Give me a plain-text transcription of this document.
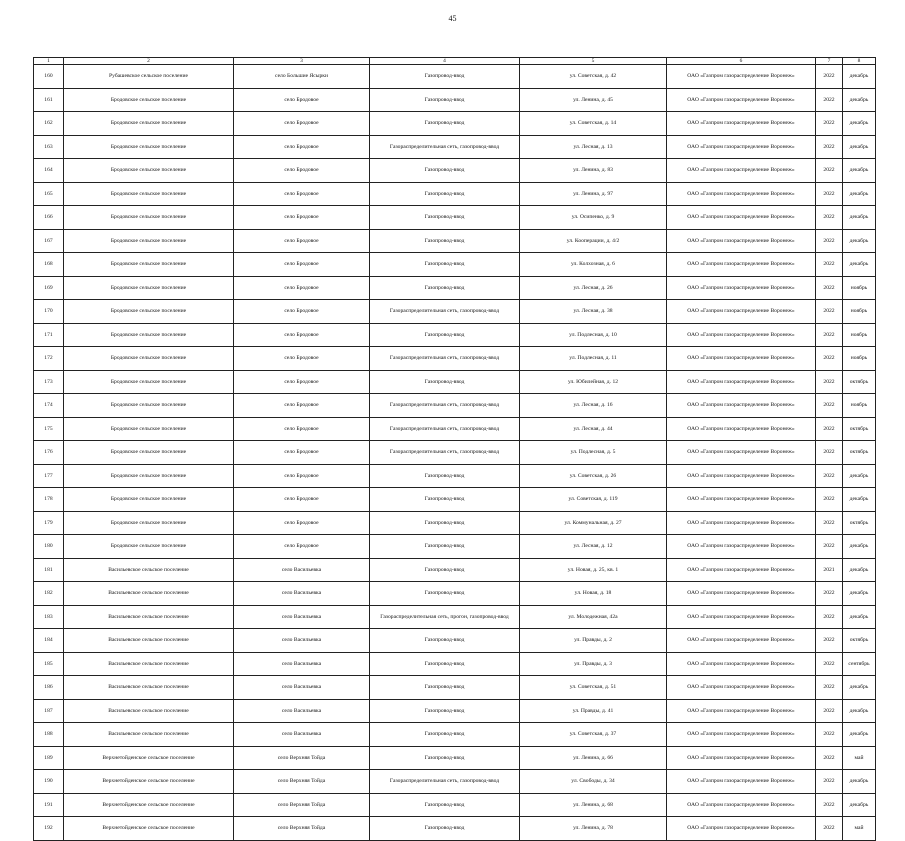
45
1	2	3	4	5	6	7	8
160	Рубашевское сельское поселение	село Большие Ясырки	Газопровод-ввод	ул. Советская, д. 42	ОАО «Газпром газораспределение Воронеж»	2022	декабрь
161	Бродовское сельское поселение	село Бродовое	Газопровод-ввод	ул. Ленина, д. 45	ОАО «Газпром газораспределение Воронеж»	2022	декабрь
162	Бродовское сельское поселение	село Бродовое	Газопровод-ввод	ул. Советская, д. 14	ОАО «Газпром газораспределение Воронеж»	2022	декабрь
163	Бродовское сельское поселение	село Бродовое	Газораспределительная сеть, газопровод-ввод	ул. Лесная, д. 13	ОАО «Газпром газораспределение Воронеж»	2022	декабрь
164	Бродовское сельское поселение	село Бродовое	Газопровод-ввод	ул. Ленина, д. 83	ОАО «Газпром газораспределение Воронеж»	2022	декабрь
165	Бродовское сельское поселение	село Бродовое	Газопровод-ввод	ул. Ленина, д. 97	ОАО «Газпром газораспределение Воронеж»	2022	декабрь
166	Бродовское сельское поселение	село Бродовое	Газопровод-ввод	ул. Осипенко, д. 9	ОАО «Газпром газораспределение Воронеж»	2022	декабрь
167	Бродовское сельское поселение	село Бродовое	Газопровод-ввод	ул. Кооперации, д. 4/2	ОАО «Газпром газораспределение Воронеж»	2022	декабрь
168	Бродовское сельское поселение	село Бродовое	Газопровод-ввод	ул. Колхозная, д. 6	ОАО «Газпром газораспределение Воронеж»	2022	декабрь
169	Бродовское сельское поселение	село Бродовое	Газопровод-ввод	ул. Лесная, д. 26	ОАО «Газпром газораспределение Воронеж»	2022	ноябрь
170	Бродовское сельское поселение	село Бродовое	Газораспределительная сеть, газопровод-ввод	ул. Лесная, д. 38	ОАО «Газпром газораспределение Воронеж»	2022	ноябрь
171	Бродовское сельское поселение	село Бродовое	Газопровод-ввод	ул. Подлесная, д. 10	ОАО «Газпром газораспределение Воронеж»	2022	ноябрь
172	Бродовское сельское поселение	село Бродовое	Газораспределительная сеть, газопровод-ввод	ул. Подлесная, д. 11	ОАО «Газпром газораспределение Воронеж»	2022	ноябрь
173	Бродовское сельское поселение	село Бродовое	Газопровод-ввод	ул. Юбилейная, д. 12	ОАО «Газпром газораспределение Воронеж»	2022	октябрь
174	Бродовское сельское поселение	село Бродовое	Газораспределительная сеть, газопровод-ввод	ул. Лесная, д. 16	ОАО «Газпром газораспределение Воронеж»	2022	ноябрь
175	Бродовское сельское поселение	село Бродовое	Газораспределительная сеть, газопровод-ввод	ул. Лесная, д. 44	ОАО «Газпром газораспределение Воронеж»	2022	октябрь
176	Бродовское сельское поселение	село Бродовое	Газораспределительная сеть, газопровод-ввод	ул. Подлесная, д. 5	ОАО «Газпром газораспределение Воронеж»	2022	октябрь
177	Бродовское сельское поселение	село Бродовое	Газопровод-ввод	ул. Советская, д. 26	ОАО «Газпром газораспределение Воронеж»	2022	декабрь
178	Бродовское сельское поселение	село Бродовое	Газопровод-ввод	ул. Советская, д. 119	ОАО «Газпром газораспределение Воронеж»	2022	декабрь
179	Бродовское сельское поселение	село Бродовое	Газопровод-ввод	ул. Коммунальная, д. 27	ОАО «Газпром газораспределение Воронеж»	2022	октябрь
180	Бродовское сельское поселение	село Бродовое	Газопровод-ввод	ул. Лесная, д. 12	ОАО «Газпром газораспределение Воронеж»	2022	декабрь
181	Васильевское сельское поселение	село Васильевка	Газопровод-ввод	ул. Новая, д. 25, кв. 1	ОАО «Газпром газораспределение Воронеж»	2021	декабрь
182	Васильевское сельское поселение	село Васильевка	Газопровод-ввод	ул. Новая, д. 18	ОАО «Газпром газораспределение Воронеж»	2022	декабрь
183	Васильевское сельское поселение	село Васильевка	Газораспределительная сеть, прогон, газопровод-ввод	ул. Молодежная, 42а	ОАО «Газпром газораспределение Воронеж»	2022	декабрь
184	Васильевское сельское поселение	село Васильевка	Газопровод-ввод	ул. Правды, д. 2	ОАО «Газпром газораспределение Воронеж»	2022	октябрь
185	Васильевское сельское поселение	село Васильевка	Газопровод-ввод	ул. Правды, д. 3	ОАО «Газпром газораспределение Воронеж»	2022	сентябрь
186	Васильевское сельское поселение	село Васильевка	Газопровод-ввод	ул. Советская, д. 51	ОАО «Газпром газораспределение Воронеж»	2022	декабрь
187	Васильевское сельское поселение	село Васильевка	Газопровод-ввод	ул. Правды, д. 41	ОАО «Газпром газораспределение Воронеж»	2022	декабрь
188	Васильевское сельское поселение	село Васильевка	Газопровод-ввод	ул. Советская, д. 37	ОАО «Газпром газораспределение Воронеж»	2022	декабрь
189	Верхнетойденское сельское поселение	село Верхняя Тойда	Газопровод-ввод	ул. Ленина, д. 66	ОАО «Газпром газораспределение Воронеж»	2022	май
190	Верхнетойденское сельское поселение	село Верхняя Тойда	Газораспределительная сеть, газопровод-ввод	ул. Свободы, д. 34	ОАО «Газпром газораспределение Воронеж»	2022	декабрь
191	Верхнетойденское сельское поселение	село Верхняя Тойда	Газопровод-ввод	ул. Ленина, д. 68	ОАО «Газпром газораспределение Воронеж»	2022	декабрь
192	Верхнетойденское сельское поселение	село Верхняя Тойда	Газопровод-ввод	ул. Ленина, д. 78	ОАО «Газпром газораспределение Воронеж»	2022	май
